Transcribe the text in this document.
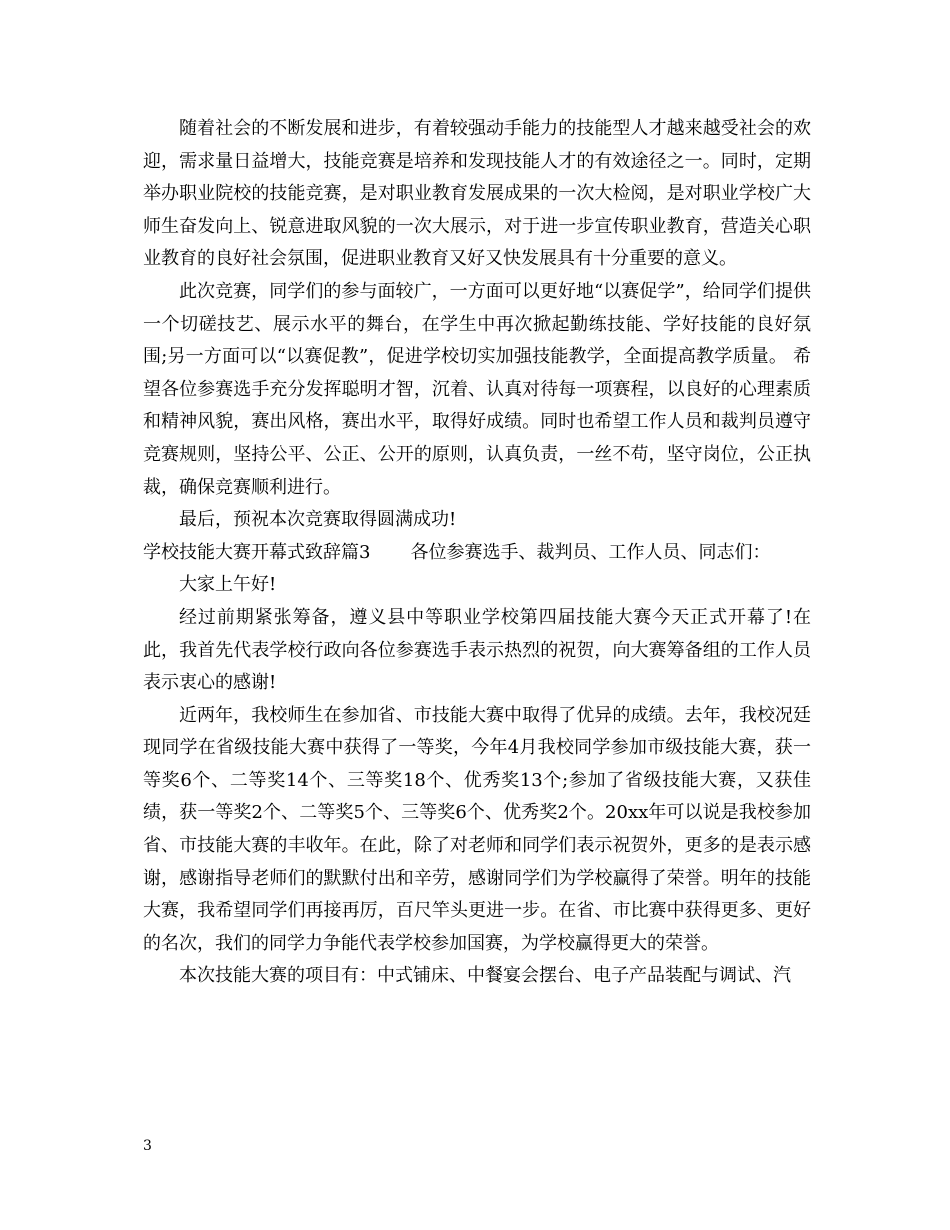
随着社会的不断发展和进步，有着较强动手能力的技能型人才越来越受社会的欢迎，需求量日益增大，技能竞赛是培养和发现技能人才的有效途径之一。同时，定期举办职业院校的技能竞赛，是对职业教育发展成果的一次大检阅，是对职业学校广大师生奋发向上、锐意进取风貌的一次大展示，对于进一步宣传职业教育，营造关心职业教育的良好社会氛围，促进职业教育又好又快发展具有十分重要的意义。

此次竞赛，同学们的参与面较广，一方面可以更好地“以赛促学”，给同学们提供一个切磋技艺、展示水平的舞台，在学生中再次掀起勤练技能、学好技能的良好氛围;另一方面可以“以赛促教”，促进学校切实加强技能教学，全面提高教学质量。 希望各位参赛选手充分发挥聪明才智，沉着、认真对待每一项赛程，以良好的心理素质和精神风貌，赛出风格，赛出水平，取得好成绩。同时也希望工作人员和裁判员遵守竞赛规则，坚持公平、公正、公开的原则，认真负责，一丝不苟，坚守岗位，公正执裁，确保竞赛顺利进行。

最后，预祝本次竞赛取得圆满成功!

学校技能大赛开幕式致辞篇3 各位参赛选手、裁判员、工作人员、同志们：

大家上午好!

经过前期紧张筹备，遵义县中等职业学校第四届技能大赛今天正式开幕了!在此，我首先代表学校行政向各位参赛选手表示热烈的祝贺，向大赛筹备组的工作人员表示衷心的感谢!

近两年，我校师生在参加省、市技能大赛中取得了优异的成绩。去年，我校况廷现同学在省级技能大赛中获得了一等奖，今年4月我校同学参加市级技能大赛，获一等奖6个、二等奖14个、三等奖18个、优秀奖13个;参加了省级技能大赛，又获佳绩，获一等奖2个、二等奖5个、三等奖6个、优秀奖2个。20xx年可以说是我校参加省、市技能大赛的丰收年。在此，除了对老师和同学们表示祝贺外，更多的是表示感谢，感谢指导老师们的默默付出和辛劳，感谢同学们为学校赢得了荣誉。明年的技能大赛，我希望同学们再接再厉，百尺竿头更进一步。在省、市比赛中获得更多、更好的名次，我们的同学力争能代表学校参加国赛，为学校赢得更大的荣誉。

本次技能大赛的项目有：中式铺床、中餐宴会摆台、电子产品装配与调试、汽

3
